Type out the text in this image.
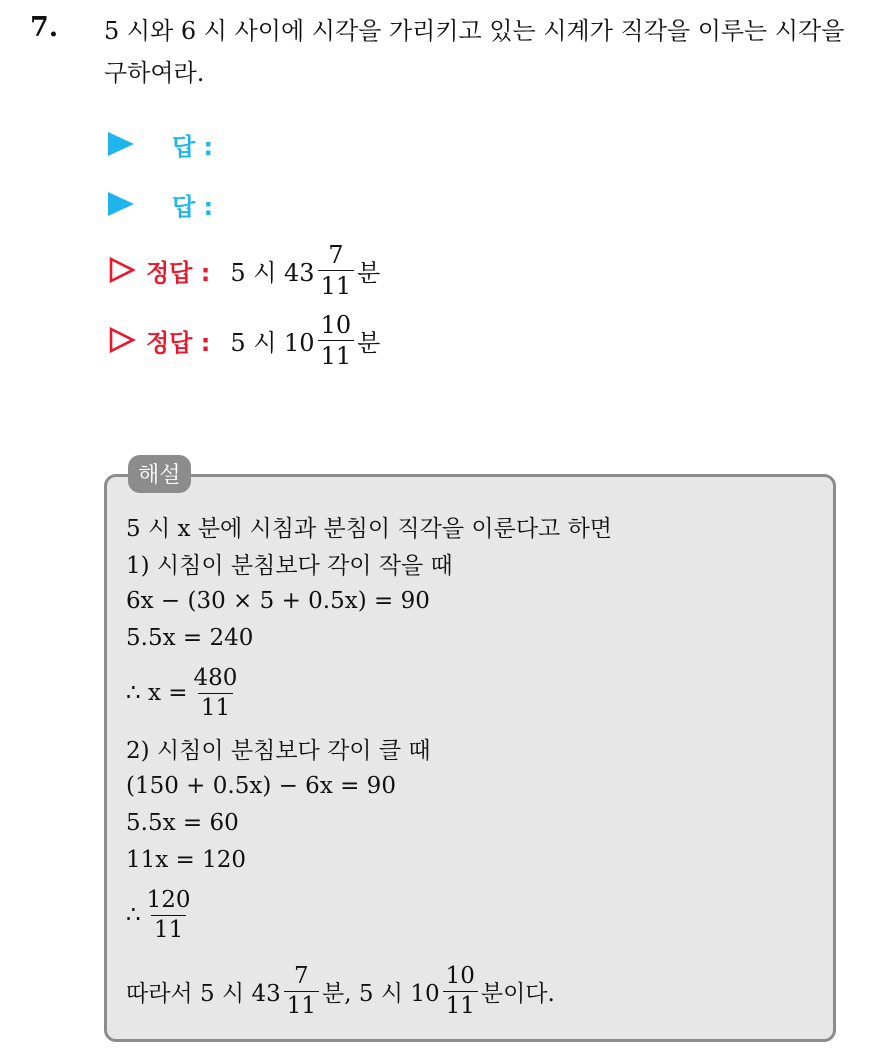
7. 5 시와 6 시 사이에 시각을 가리키고 있는 시계가 직각을 이루는 시각을 구하여라.
답 :
답 :
정답 : 5 시 $43 \frac{7}{11}$ 분
정답 : 5 시 $10 \frac{10}{11}$ 분
해설
5 시 x 분에 시침과 분침이 직각을 이룬다고 하면
1) 시침이 분침보다 각이 작을 때
6x − (30 × 5 + 0.5x) = 90
5.5x = 240
∴ $x = \frac{480}{11}$
2) 시침이 분침보다 각이 클 때
(150 + 0.5x) − 6x = 90
5.5x = 60
11x = 120
∴ $\frac{120}{11}$
따라서 5 시 $43 \frac{7}{11}$ 분, 5 시 $10 \frac{10}{11}$ 분이다.
